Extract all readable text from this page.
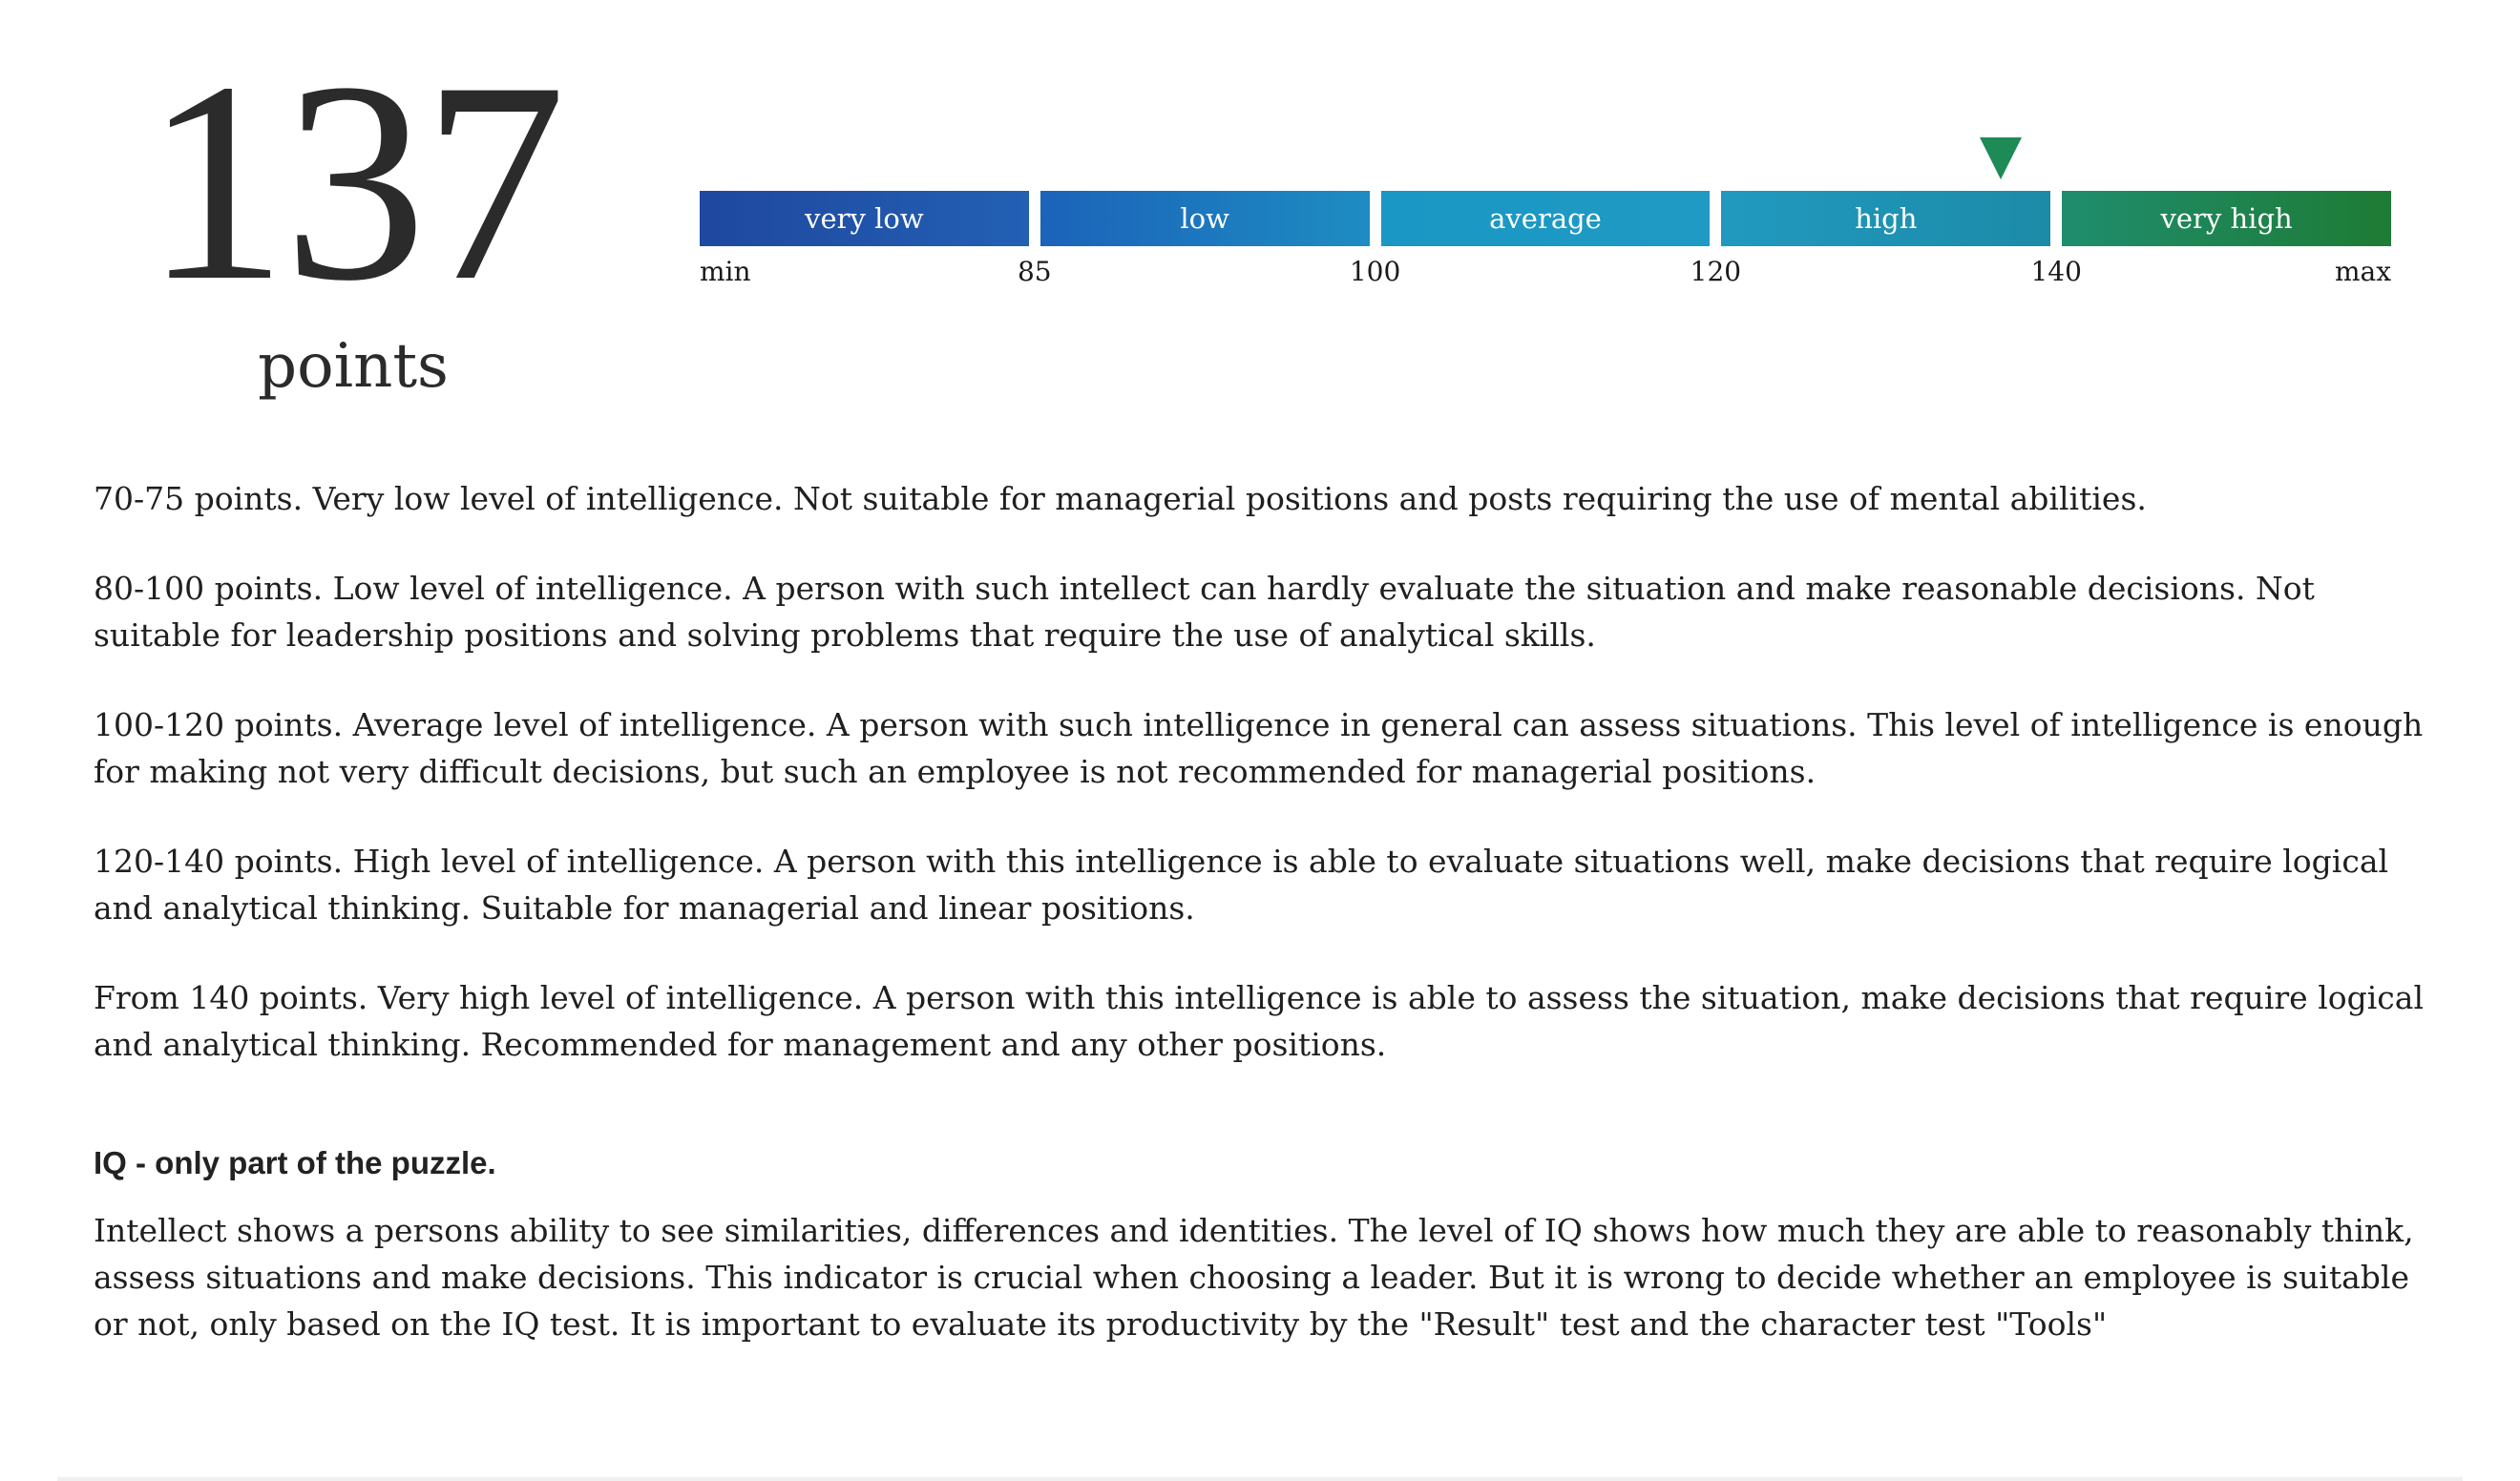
137
points
very low	low	average	high	very high
min	85	100	120	140	max

70-75 points. Very low level of intelligence. Not suitable for managerial positions and posts requiring the use of mental abilities.

80-100 points. Low level of intelligence. A person with such intellect can hardly evaluate the situation and make reasonable decisions. Not suitable for leadership positions and solving problems that require the use of analytical skills.

100-120 points. Average level of intelligence. A person with such intelligence in general can assess situations. This level of intelligence is enough for making not very difficult decisions, but such an employee is not recommended for managerial positions.

120-140 points. High level of intelligence. A person with this intelligence is able to evaluate situations well, make decisions that require logical and analytical thinking. Suitable for managerial and linear positions.

From 140 points. Very high level of intelligence. A person with this intelligence is able to assess the situation, make decisions that require logical and analytical thinking. Recommended for management and any other positions.

IQ - only part of the puzzle.

Intellect shows a persons ability to see similarities, differences and identities. The level of IQ shows how much they are able to reasonably think, assess situations and make decisions. This indicator is crucial when choosing a leader. But it is wrong to decide whether an employee is suitable or not, only based on the IQ test. It is important to evaluate its productivity by the "Result" test and the character test "Tools"
